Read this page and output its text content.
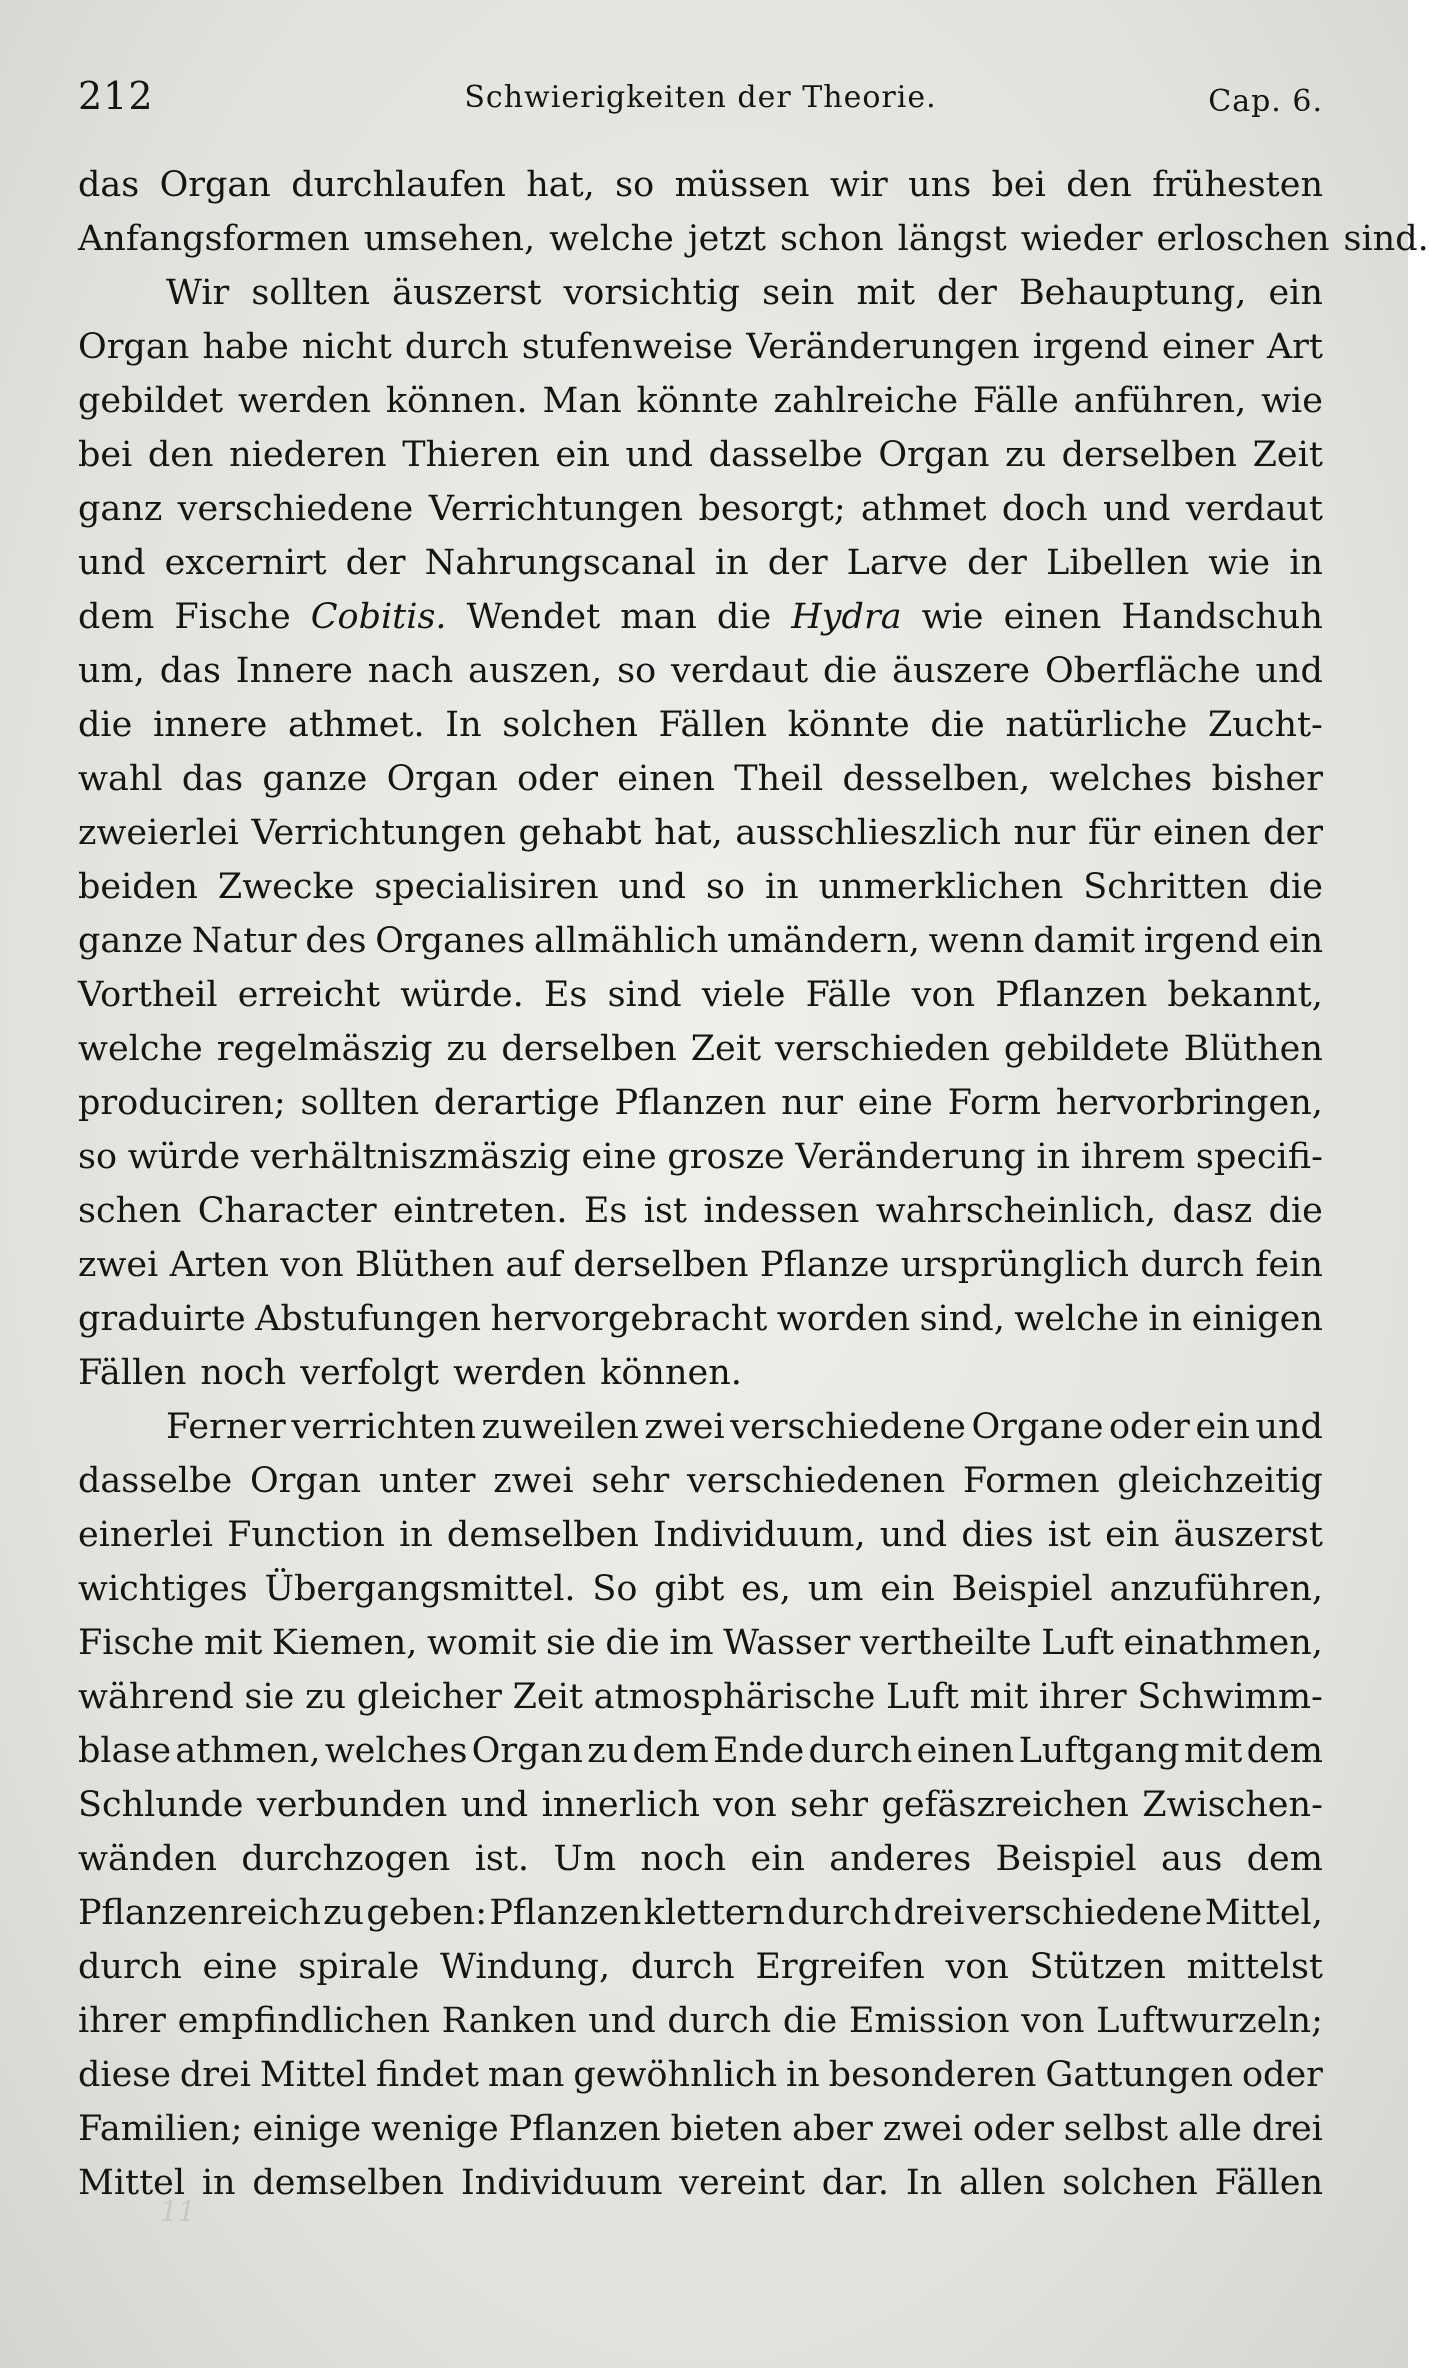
212	Schwierigkeiten der Theorie.	Cap. 6.
das Organ durchlaufen hat, so müssen wir uns bei den frühesten
Anfangsformen umsehen, welche jetzt schon längst wieder erloschen sind.
Wir sollten äuszerst vorsichtig sein mit der Behauptung, ein
Organ habe nicht durch stufenweise Veränderungen irgend einer Art
gebildet werden können. Man könnte zahlreiche Fälle anführen, wie
bei den niederen Thieren ein und dasselbe Organ zu derselben Zeit
ganz verschiedene Verrichtungen besorgt; athmet doch und verdaut
und excernirt der Nahrungscanal in der Larve der Libellen wie in
dem Fische Cobitis. Wendet man die Hydra wie einen Handschuh
um, das Innere nach auszen, so verdaut die äuszere Oberfläche und
die innere athmet. In solchen Fällen könnte die natürliche Zucht-
wahl das ganze Organ oder einen Theil desselben, welches bisher
zweierlei Verrichtungen gehabt hat, ausschlieszlich nur für einen der
beiden Zwecke specialisiren und so in unmerklichen Schritten die
ganze Natur des Organes allmählich umändern, wenn damit irgend ein
Vortheil erreicht würde. Es sind viele Fälle von Pflanzen bekannt,
welche regelmäszig zu derselben Zeit verschieden gebildete Blüthen
produciren; sollten derartige Pflanzen nur eine Form hervorbringen,
so würde verhältniszmäszig eine grosze Veränderung in ihrem specifi-
schen Character eintreten. Es ist indessen wahrscheinlich, dasz die
zwei Arten von Blüthen auf derselben Pflanze ursprünglich durch fein
graduirte Abstufungen hervorgebracht worden sind, welche in einigen
Fällen noch verfolgt werden können.
Ferner verrichten zuweilen zwei verschiedene Organe oder ein und
dasselbe Organ unter zwei sehr verschiedenen Formen gleichzeitig
einerlei Function in demselben Individuum, und dies ist ein äuszerst
wichtiges Übergangsmittel. So gibt es, um ein Beispiel anzuführen,
Fische mit Kiemen, womit sie die im Wasser vertheilte Luft einathmen,
während sie zu gleicher Zeit atmosphärische Luft mit ihrer Schwimm-
blase athmen, welches Organ zu dem Ende durch einen Luftgang mit dem
Schlunde verbunden und innerlich von sehr gefäszreichen Zwischen-
wänden durchzogen ist. Um noch ein anderes Beispiel aus dem
Pflanzenreich zu geben: Pflanzen klettern durch drei verschiedene Mittel,
durch eine spirale Windung, durch Ergreifen von Stützen mittelst
ihrer empfindlichen Ranken und durch die Emission von Luftwurzeln;
diese drei Mittel findet man gewöhnlich in besonderen Gattungen oder
Familien; einige wenige Pflanzen bieten aber zwei oder selbst alle drei
Mittel in demselben Individuum vereint dar. In allen solchen Fällen
11
